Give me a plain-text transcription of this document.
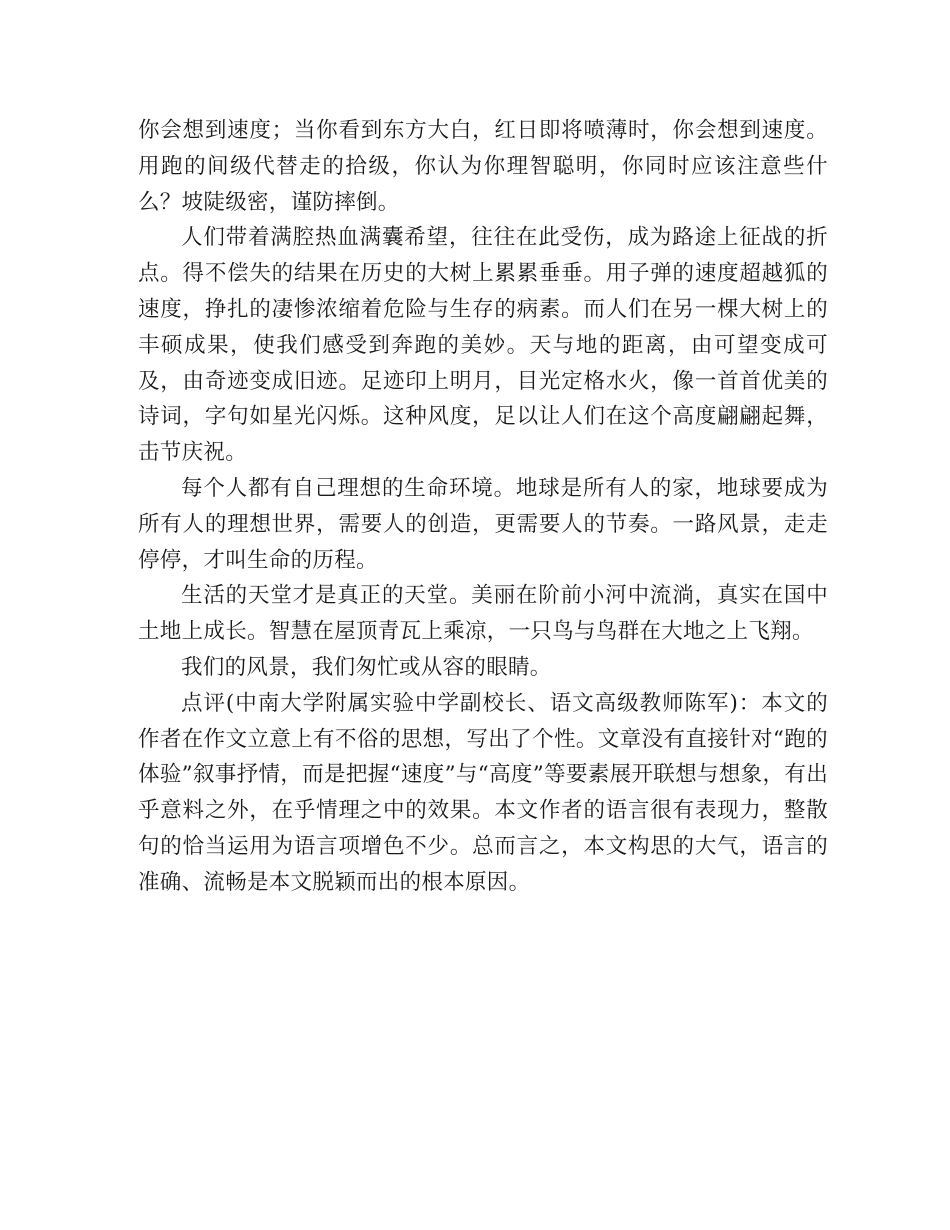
你会想到速度；当你看到东方大白，红日即将喷薄时，你会想到速度。用跑的间级代替走的拾级，你认为你理智聪明，你同时应该注意些什么？坡陡级密，谨防摔倒。

人们带着满腔热血满囊希望，往往在此受伤，成为路途上征战的折点。得不偿失的结果在历史的大树上累累垂垂。用子弹的速度超越狐的速度，挣扎的凄惨浓缩着危险与生存的病素。而人们在另一棵大树上的丰硕成果，使我们感受到奔跑的美妙。天与地的距离，由可望变成可及，由奇迹变成旧迹。足迹印上明月，目光定格水火，像一首首优美的诗词，字句如星光闪烁。这种风度，足以让人们在这个高度翩翩起舞，击节庆祝。

每个人都有自己理想的生命环境。地球是所有人的家，地球要成为所有人的理想世界，需要人的创造，更需要人的节奏。一路风景，走走停停，才叫生命的历程。

生活的天堂才是真正的天堂。美丽在阶前小河中流淌，真实在国中土地上成长。智慧在屋顶青瓦上乘凉，一只鸟与鸟群在大地之上飞翔。

我们的风景，我们匆忙或从容的眼睛。

点评(中南大学附属实验中学副校长、语文高级教师陈军)：本文的作者在作文立意上有不俗的思想，写出了个性。文章没有直接针对“跑的体验”叙事抒情，而是把握“速度”与“高度”等要素展开联想与想象，有出乎意料之外，在乎情理之中的效果。本文作者的语言很有表现力，整散句的恰当运用为语言项增色不少。总而言之，本文构思的大气，语言的准确、流畅是本文脱颖而出的根本原因。
